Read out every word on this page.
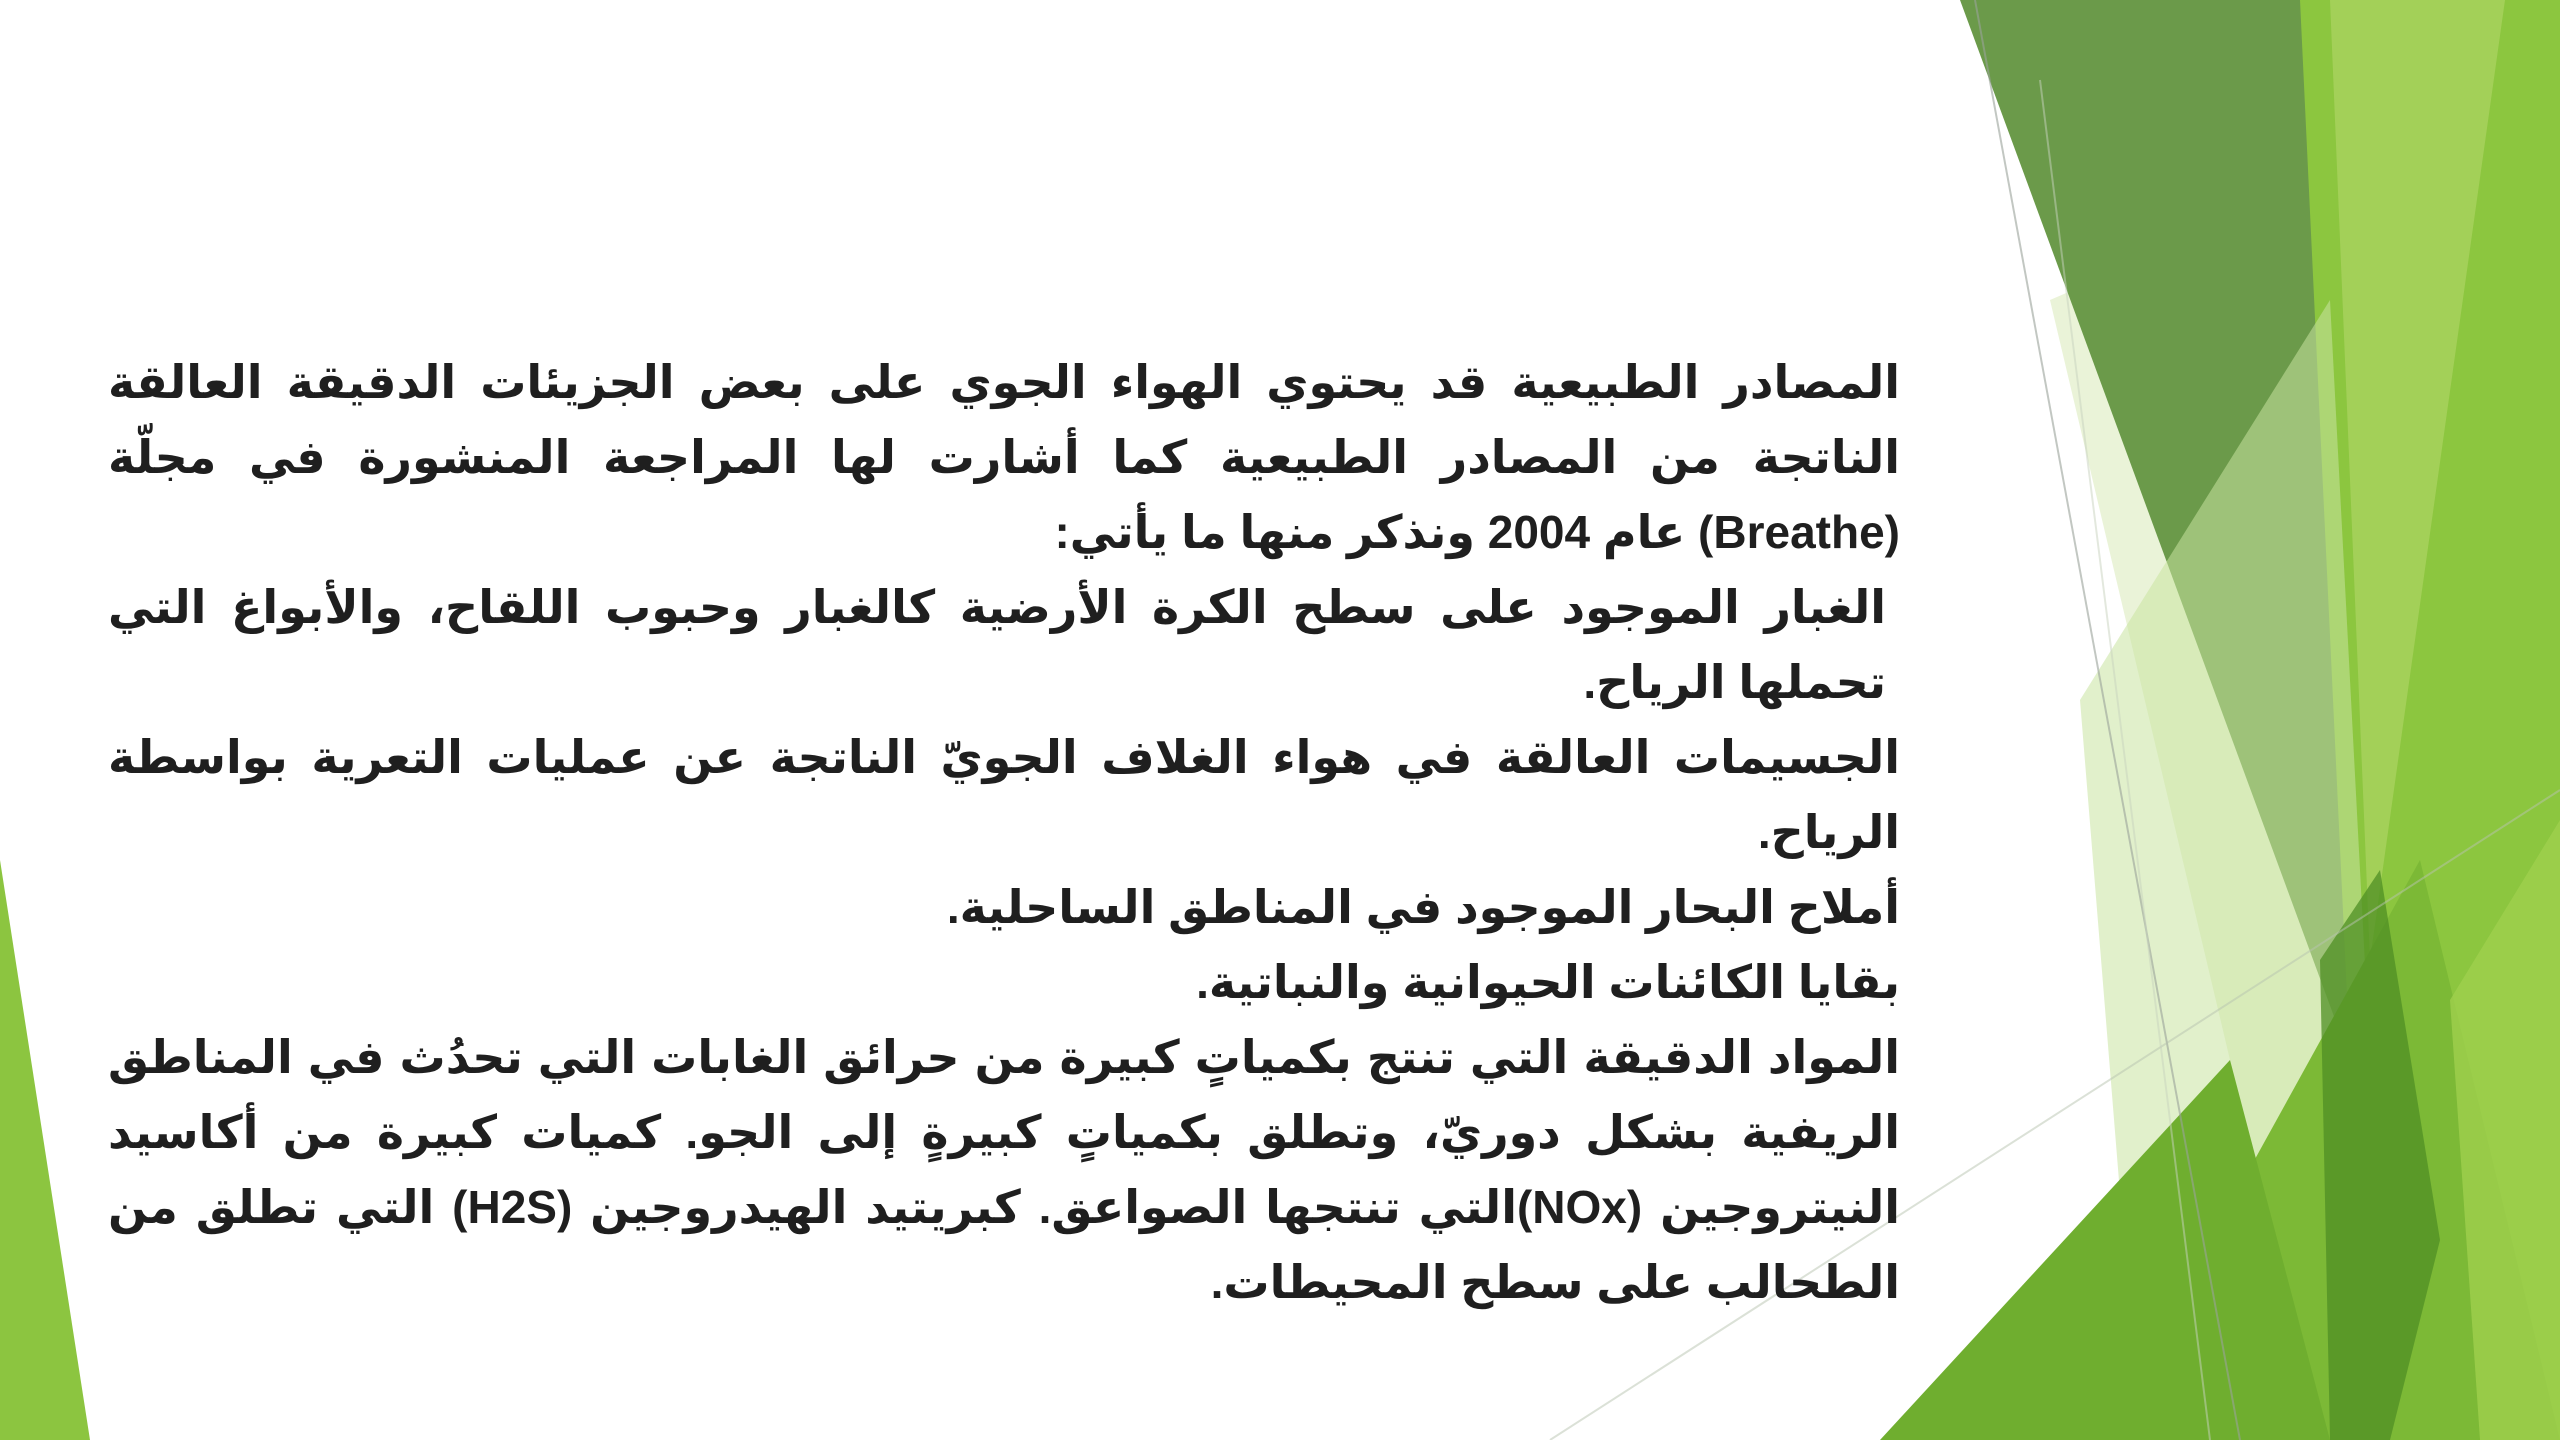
المصادر الطبيعية قد يحتوي الهواء الجوي على بعض الجزيئات الدقيقة العالقة الناتجة من المصادر الطبيعية كما أشارت لها المراجعة المنشورة في مجلّة (Breathe) عام 2004 ونذكر منها ما يأتي:

الغبار الموجود على سطح الكرة الأرضية كالغبار وحبوب اللقاح، والأبواغ التي تحملها الرياح.

الجسيمات العالقة في هواء الغلاف الجويّ الناتجة عن عمليات التعرية بواسطة الرياح.

أملاح البحار الموجود في المناطق الساحلية.

بقايا الكائنات الحيوانية والنباتية.

المواد الدقيقة التي تنتج بكمياتٍ كبيرة من حرائق الغابات التي تحدُث في المناطق الريفية بشكل دوريّ، وتطلق بكمياتٍ كبيرةٍ إلى الجو. كميات كبيرة من أكاسيد النيتروجين (NOx)التي تنتجها الصواعق. كبريتيد الهيدروجين (H2S) التي تطلق من الطحالب على سطح المحيطات.
